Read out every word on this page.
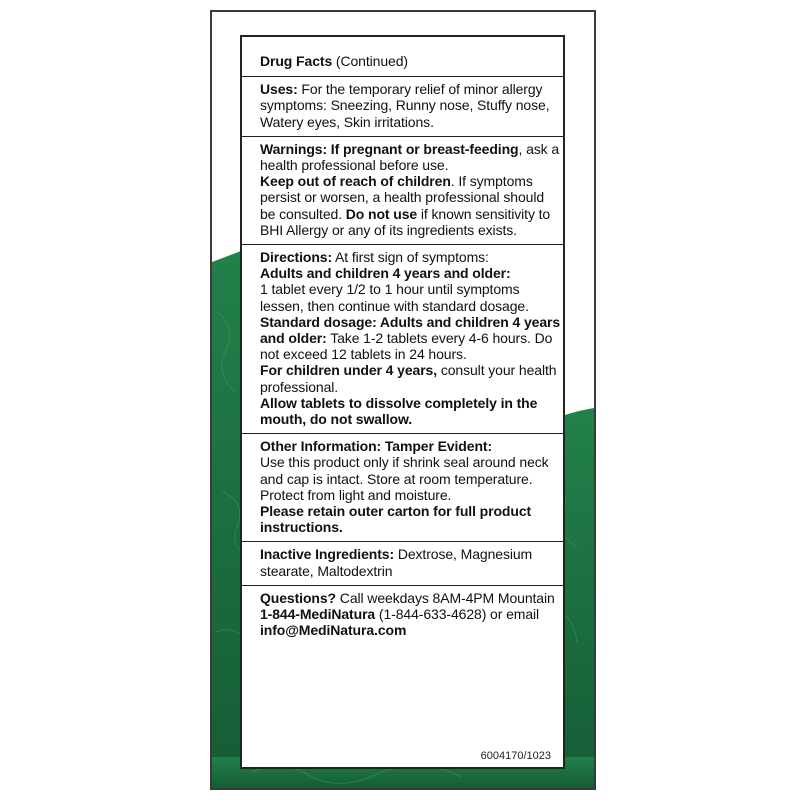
Drug Facts (Continued)

Uses: For the temporary relief of minor allergy symptoms: Sneezing, Runny nose, Stuffy nose, Watery eyes, Skin irritations.

Warnings: If pregnant or breast-feeding, ask a health professional before use.

Keep out of reach of children. If symptoms persist or worsen, a health professional should be consulted. Do not use if known sensitivity to BHI Allergy or any of its ingredients exists.

Directions: At first sign of symptoms:

Adults and children 4 years and older:

1 tablet every 1/2 to 1 hour until symptoms lessen, then continue with standard dosage.

Standard dosage: Adults and children 4 years and older: Take 1-2 tablets every 4-6 hours. Do not exceed 12 tablets in 24 hours.

For children under 4 years, consult your health professional.

Allow tablets to dissolve completely in the mouth, do not swallow.

Other Information: Tamper Evident:

Use this product only if shrink seal around neck and cap is intact. Store at room temperature. Protect from light and moisture.

Please retain outer carton for full product instructions.

Inactive Ingredients: Dextrose, Magnesium stearate, Maltodextrin

Questions? Call weekdays 8AM-4PM Mountain

1-844-MediNatura (1-844-633-4628) or email info@MediNatura.com

6004170/1023
